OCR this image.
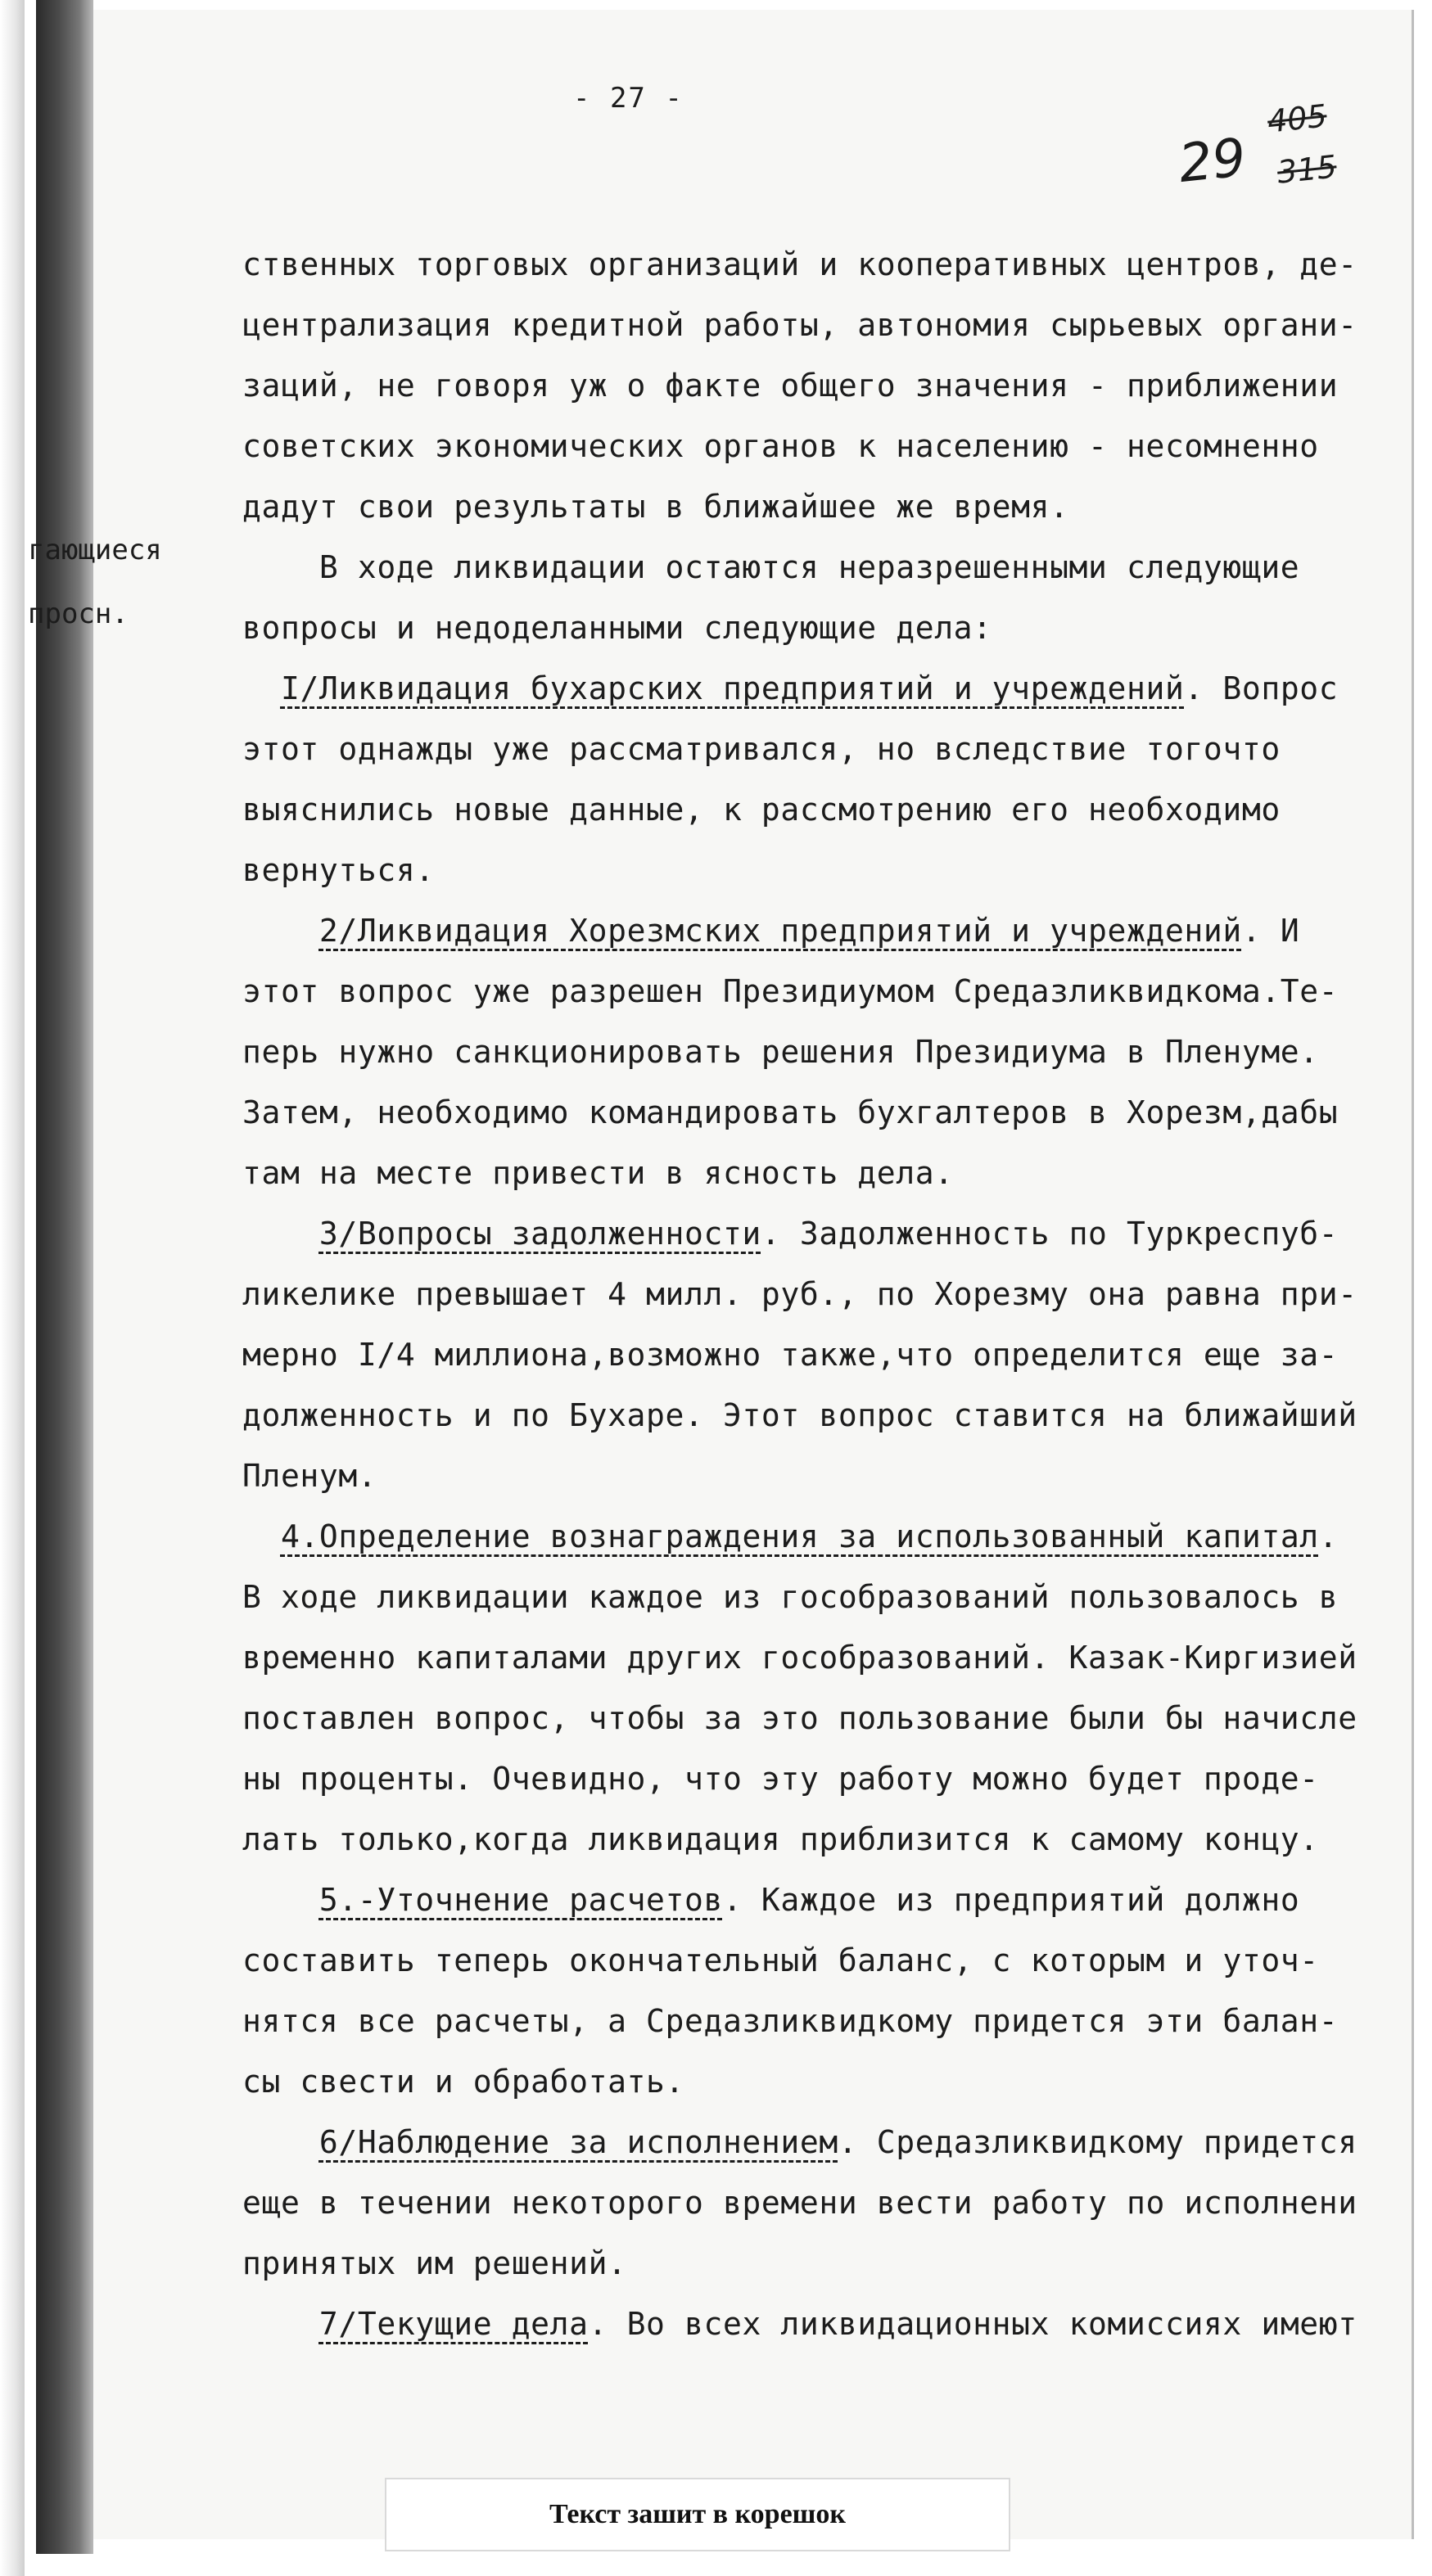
- 27 -
29
405
315
гающиеся
просн.
ственных торговых организаций и кооперативных центров, де-
централизация кредитной работы, автономия сырьевых органи-
заций, не говоря уж о факте общего значения - приближении
советских экономических органов к населению - несомненно
дадут свои результаты в ближайшее же время.
В ходе ликвидации остаются неразрешенными следующие
вопросы и недоделанными следующие дела:
I/Ликвидация бухарских предприятий и учреждений. Вопрос
этот однажды уже рассматривался, но вследствие тогочто
выяснились новые данные, к рассмотрению его необходимо
вернуться.
2/Ликвидация Хорезмских предприятий и учреждений. И
этот вопрос уже разрешен Президиумом Средазликвидкома.Те-
перь нужно санкционировать решения Президиума в Пленуме.
Затем, необходимо командировать бухгалтеров в Хорезм,дабы
там на месте привести в ясность дела.
3/Вопросы задолженности. Задолженность по Туркреспуб-
ликелике превышает 4 милл. руб., по Хорезму она равна при-
мерно I/4 миллиона,возможно также,что определится еще за-
долженность и по Бухаре. Этот вопрос ставится на ближайший
Пленум.
4.Определение вознаграждения за использованный капитал.
В ходе ликвидации каждое из гособразований пользовалось в
временно капиталами других гособразований. Казак-Киргизией
поставлен вопрос, чтобы за это пользование были бы начисле
ны проценты. Очевидно, что эту работу можно будет проде-
лать только,когда ликвидация приблизится к самому концу.
5.-Уточнение расчетов. Каждое из предприятий должно
составить теперь окончательный баланс, с которым и уточ-
нятся все расчеты, а Средазликвидкому придется эти балан-
сы свести и обработать.
6/Наблюдение за исполнением. Средазликвидкому придется
еще в течении некоторого времени вести работу по исполнени
принятых им решений.
7/Текущие дела. Во всех ликвидационных комиссиях имеют
Текст зашит в корешок
